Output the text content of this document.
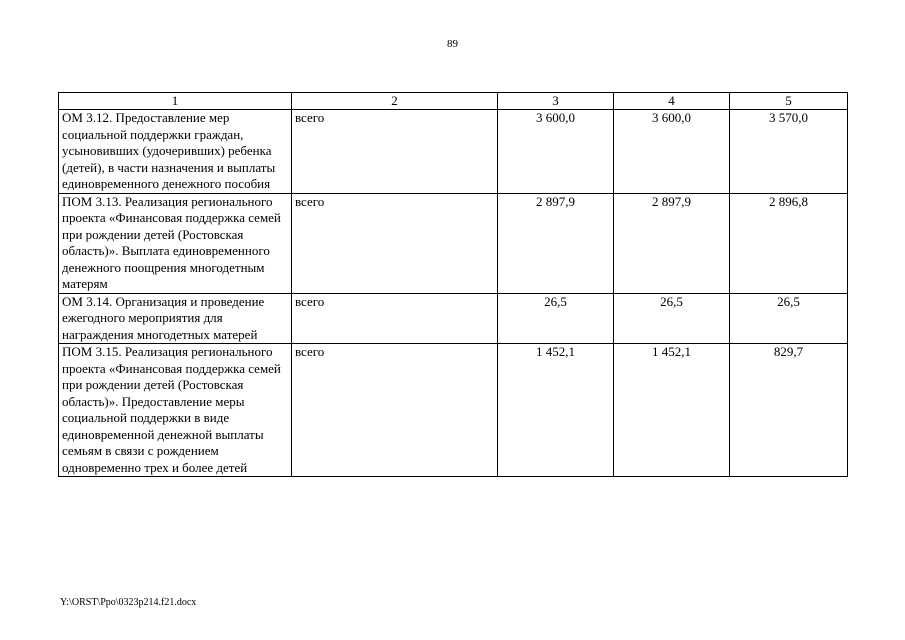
89
1	2	3	4	5
ОМ 3.12. Предоставление мер социальной поддержки граждан, усыновивших (удочеривших) ребенка (детей), в части назначения и выплаты единовременного денежного пособия	всего	3 600,0	3 600,0	3 570,0
ПОМ 3.13. Реализация регионального проекта «Финансовая поддержка семей при рождении детей (Ростовская область)». Выплата единовременного денежного поощрения многодетным матерям	всего	2 897,9	2 897,9	2 896,8
ОМ 3.14. Организация и проведение ежегодного мероприятия для награждения многодетных матерей	всего	26,5	26,5	26,5
ПОМ 3.15. Реализация регионального проекта «Финансовая поддержка семей при рождении детей (Ростовская область)». Предоставление меры социальной поддержки в виде единовременной денежной выплаты семьям в связи с рождением одновременно трех и более детей	всего	1 452,1	1 452,1	829,7
Y:\ORST\Ppo\0323p214.f21.docx
